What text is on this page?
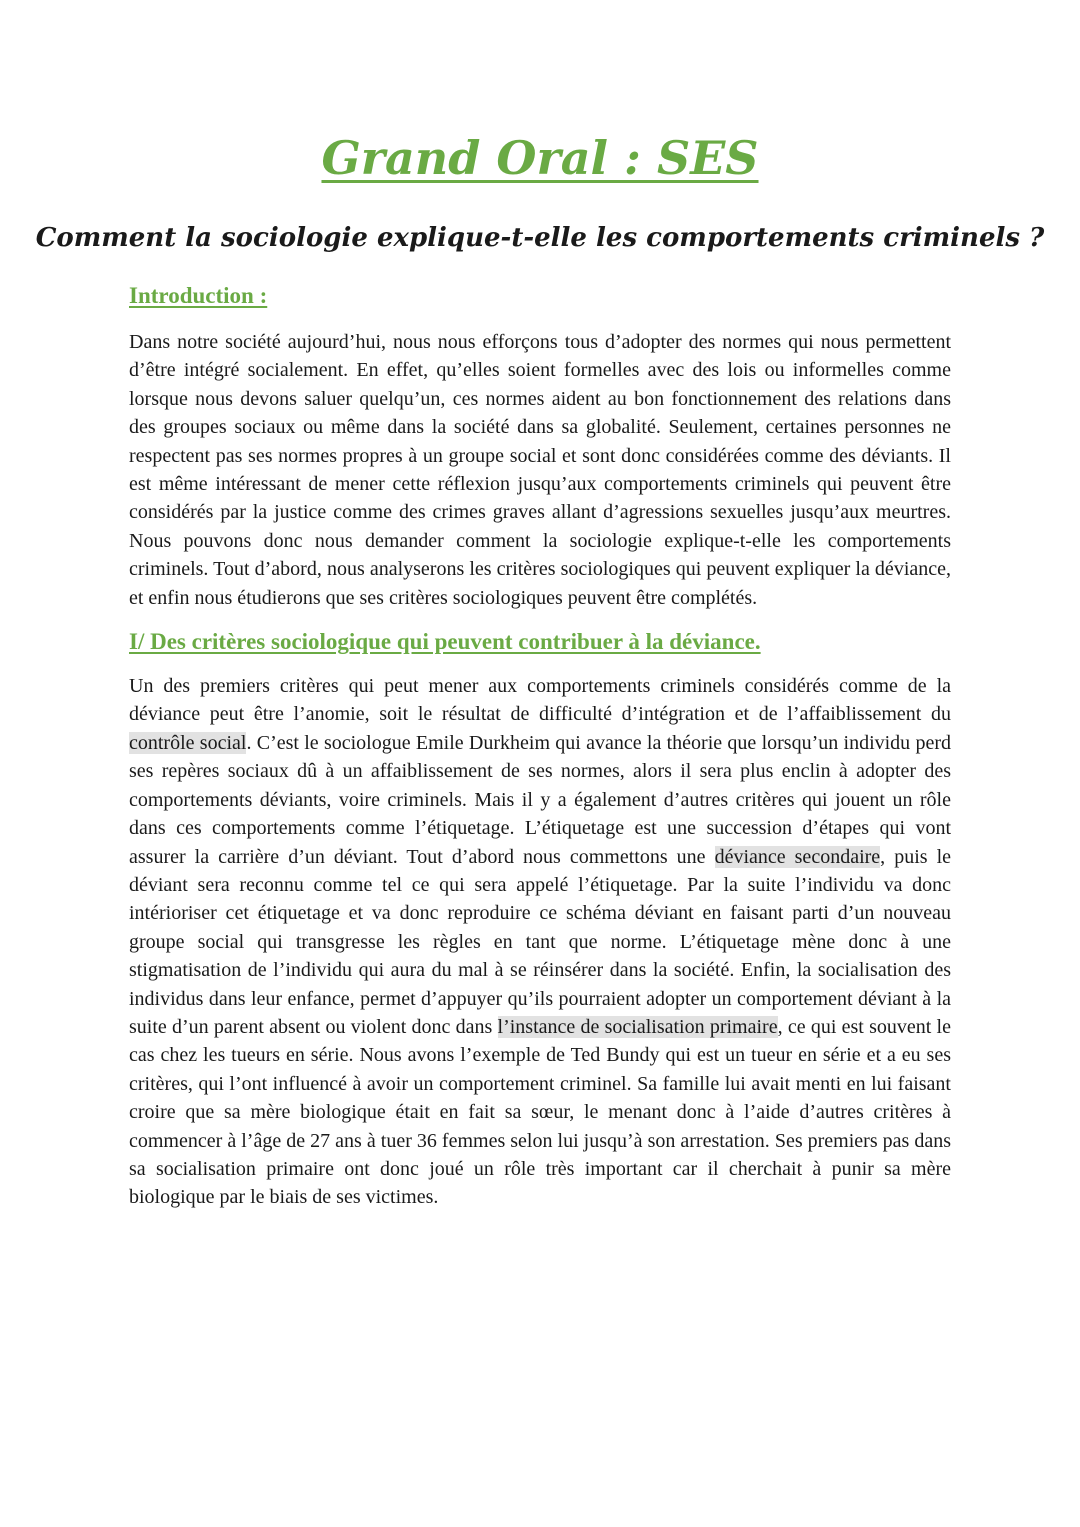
Grand Oral : SES
Comment la sociologie explique-t-elle les comportements criminels ?
Introduction :

Dans notre société aujourd’hui, nous nous efforçons tous d’adopter des normes qui nous permettent d’être intégré socialement. En effet, qu’elles soient formelles avec des lois ou informelles comme lorsque nous devons saluer quelqu’un, ces normes aident au bon fonctionnement des relations dans des groupes sociaux ou même dans la société dans sa globalité. Seulement, certaines personnes ne respectent pas ses normes propres à un groupe social et sont donc considérées comme des déviants. Il est même intéressant de mener cette réflexion jusqu’aux comportements criminels qui peuvent être considérés par la justice comme des crimes graves allant d’agressions sexuelles jusqu’aux meurtres. Nous pouvons donc nous demander comment la sociologie explique-t-elle les comportements criminels. Tout d’abord, nous analyserons les critères sociologiques qui peuvent expliquer la déviance, et enfin nous étudierons que ses critères sociologiques peuvent être complétés.

I/ Des critères sociologique qui peuvent contribuer à la déviance.

Un des premiers critères qui peut mener aux comportements criminels considérés comme de la déviance peut être l’anomie, soit le résultat de difficulté d’intégration et de l’affaiblissement du contrôle social. C’est le sociologue Emile Durkheim qui avance la théorie que lorsqu’un individu perd ses repères sociaux dû à un affaiblissement de ses normes, alors il sera plus enclin à adopter des comportements déviants, voire criminels. Mais il y a également d’autres critères qui jouent un rôle dans ces comportements comme l’étiquetage. L’étiquetage est une succession d’étapes qui vont assurer la carrière d’un déviant. Tout d’abord nous commettons une déviance secondaire, puis le déviant sera reconnu comme tel ce qui sera appelé l’étiquetage. Par la suite l’individu va donc intérioriser cet étiquetage et va donc reproduire ce schéma déviant en faisant parti d’un nouveau groupe social qui transgresse les règles en tant que norme. L’étiquetage mène donc à une stigmatisation de l’individu qui aura du mal à se réinsérer dans la société. Enfin, la socialisation des individus dans leur enfance, permet d’appuyer qu’ils pourraient adopter un comportement déviant à la suite d’un parent absent ou violent donc dans l’instance de socialisation primaire, ce qui est souvent le cas chez les tueurs en série. Nous avons l’exemple de Ted Bundy qui est un tueur en série et a eu ses critères, qui l’ont influencé à avoir un comportement criminel. Sa famille lui avait menti en lui faisant croire que sa mère biologique était en fait sa sœur, le menant donc à l’aide d’autres critères à commencer à l’âge de 27 ans à tuer 36 femmes selon lui jusqu’à son arrestation. Ses premiers pas dans sa socialisation primaire ont donc joué un rôle très important car il cherchait à punir sa mère biologique par le biais de ses victimes.
